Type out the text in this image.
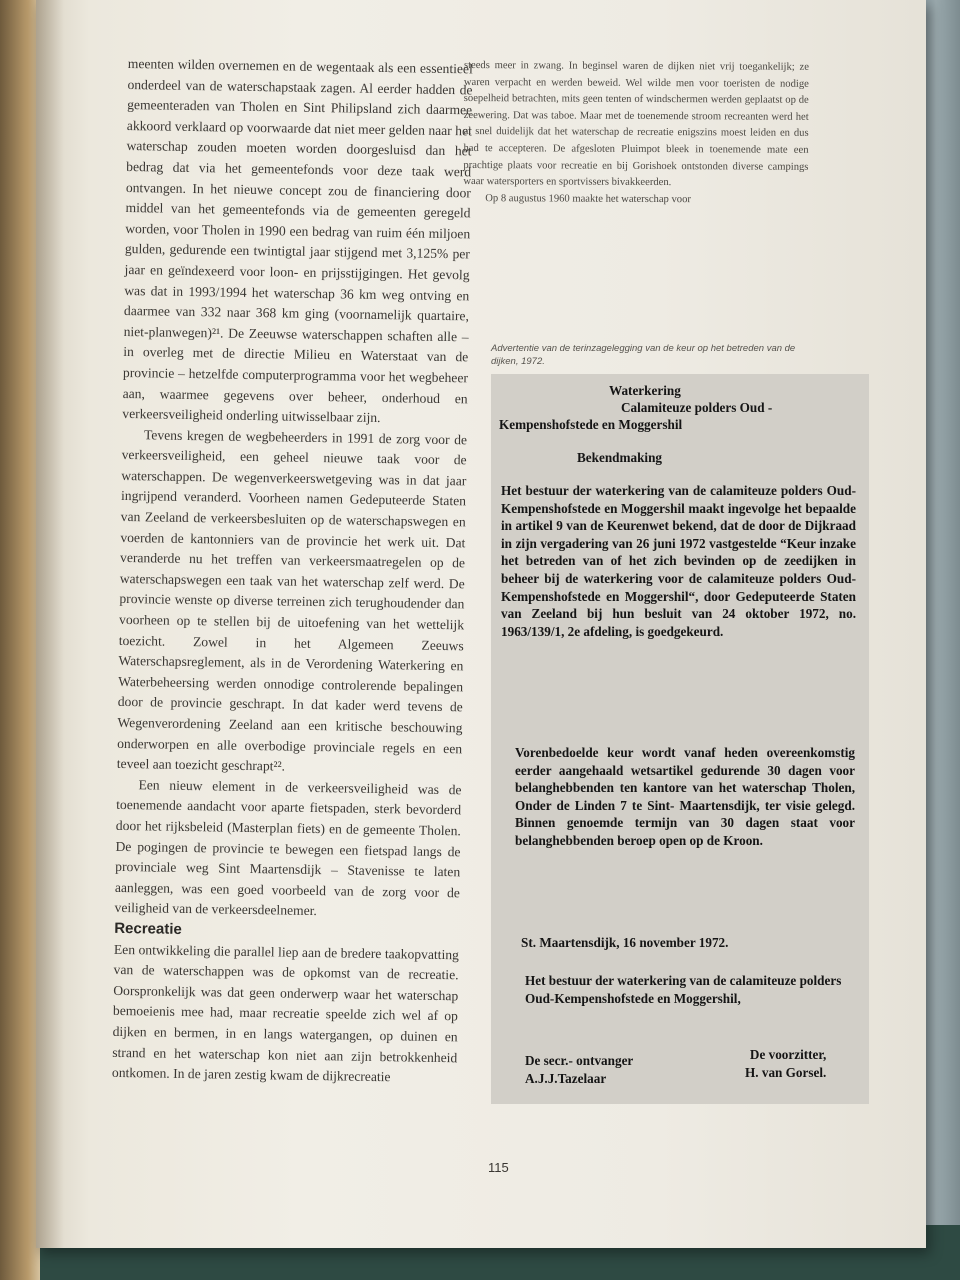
meenten wilden overnemen en de wegentaak als een essentieel onderdeel van de waterschapstaak zagen. Al eerder hadden de gemeenteraden van Tholen en Sint Philipsland zich daarmee akkoord verklaard op voorwaarde dat niet meer gelden naar het waterschap zouden moeten worden doorgesluisd dan het bedrag dat via het gemeentefonds voor deze taak werd ontvangen. In het nieuwe concept zou de financiering door middel van het gemeentefonds via de gemeenten geregeld worden, voor Tholen in 1990 een bedrag van ruim één miljoen gulden, gedurende een twintigtal jaar stijgend met 3,125% per jaar en geïndexeerd voor loon- en prijsstijgingen. Het gevolg was dat in 1993/1994 het waterschap 36 km weg ontving en daarmee van 332 naar 368 km ging (voornamelijk quartaire, niet-planwegen)²¹. De Zeeuwse waterschappen schaften alle – in overleg met de directie Milieu en Waterstaat van de provincie – hetzelfde computerprogramma voor het wegbeheer aan, waarmee gegevens over beheer, onderhoud en verkeersveiligheid onderling uitwisselbaar zijn.

Tevens kregen de wegbeheerders in 1991 de zorg voor de verkeersveiligheid, een geheel nieuwe taak voor de waterschappen. De wegenverkeerswetgeving was in dat jaar ingrijpend veranderd. Voorheen namen Gedeputeerde Staten van Zeeland de verkeersbesluiten op de waterschapswegen en voerden de kantonniers van de provincie het werk uit. Dat veranderde nu het treffen van verkeersmaatregelen op de waterschapswegen een taak van het waterschap zelf werd. De provincie wenste op diverse terreinen zich terughoudender dan voorheen op te stellen bij de uitoefening van het wettelijk toezicht. Zowel in het Algemeen Zeeuws Waterschapsreglement, als in de Verordening Waterkering en Waterbeheersing werden onnodige controlerende bepalingen door de provincie geschrapt. In dat kader werd tevens de Wegenverordening Zeeland aan een kritische beschouwing onderworpen en alle overbodige provinciale regels en een teveel aan toezicht geschrapt²².

Een nieuw element in de verkeersveiligheid was de toenemende aandacht voor aparte fietspaden, sterk bevorderd door het rijksbeleid (Masterplan fiets) en de gemeente Tholen. De pogingen de provincie te bewegen een fietspad langs de provinciale weg Sint Maartensdijk – Stavenisse te laten aanleggen, was een goed voorbeeld van de zorg voor de veiligheid van de verkeersdeelnemer.

Recreatie

Een ontwikkeling die parallel liep aan de bredere taakopvatting van de waterschappen was de opkomst van de recreatie. Oorspronkelijk was dat geen onderwerp waar het waterschap bemoeienis mee had, maar recreatie speelde zich wel af op dijken en bermen, in en langs watergangen, op duinen en strand en het waterschap kon niet aan zijn betrokkenheid ontkomen. In de jaren zestig kwam de dijkrecreatie

steeds meer in zwang. In beginsel waren de dijken niet vrij toegankelijk; ze waren verpacht en werden beweid. Wel wilde men voor toeristen de nodige soepelheid betrachten, mits geen tenten of windschermen werden geplaatst op de zeewering. Dat was taboe. Maar met de toenemende stroom recreanten werd het al snel duidelijk dat het waterschap de recreatie enigszins moest leiden en dus had te accepteren. De afgesloten Pluimpot bleek in toenemende mate een prachtige plaats voor recreatie en bij Gorishoek ontstonden diverse campings waar watersporters en sportvissers bivakkeerden.

Op 8 augustus 1960 maakte het waterschap voor

Advertentie van de terinzagelegging van de keur op het betreden van de dijken, 1972.
Waterkering
Calamiteuze polders Oud -
Kempenshofstede en Moggershil
Bekendmaking
Het bestuur der waterkering van de calamiteuze polders Oud-Kempenshofstede en Moggershil maakt ingevolge het bepaalde in artikel 9 van de Keurenwet bekend, dat de door de Dijkraad in zijn vergadering van 26 juni 1972 vastgestelde “Keur inzake het betreden van of het zich bevinden op de zeedijken in beheer bij de waterkering voor de calamiteuze polders Oud-Kempenshofstede en Moggershil“, door Gedeputeerde Staten van Zeeland bij hun besluit van 24 oktober 1972, no. 1963/139/1, 2e afdeling, is goedgekeurd.
Vorenbedoelde keur wordt vanaf heden overeenkomstig eerder aangehaald wetsartikel gedurende 30 dagen voor belanghebbenden ten kantore van het waterschap Tholen, Onder de Linden 7 te Sint- Maartensdijk, ter visie gelegd. Binnen genoemde termijn van 30 dagen staat voor belanghebbenden beroep open op de Kroon.
St. Maartensdijk, 16 november 1972.
Het bestuur der waterkering van de calamiteuze polders Oud-Kempenshofstede en Moggershil,
De secr.- ontvanger
A.J.J.Tazelaar
De voorzitter,
H. van Gorsel.
115
